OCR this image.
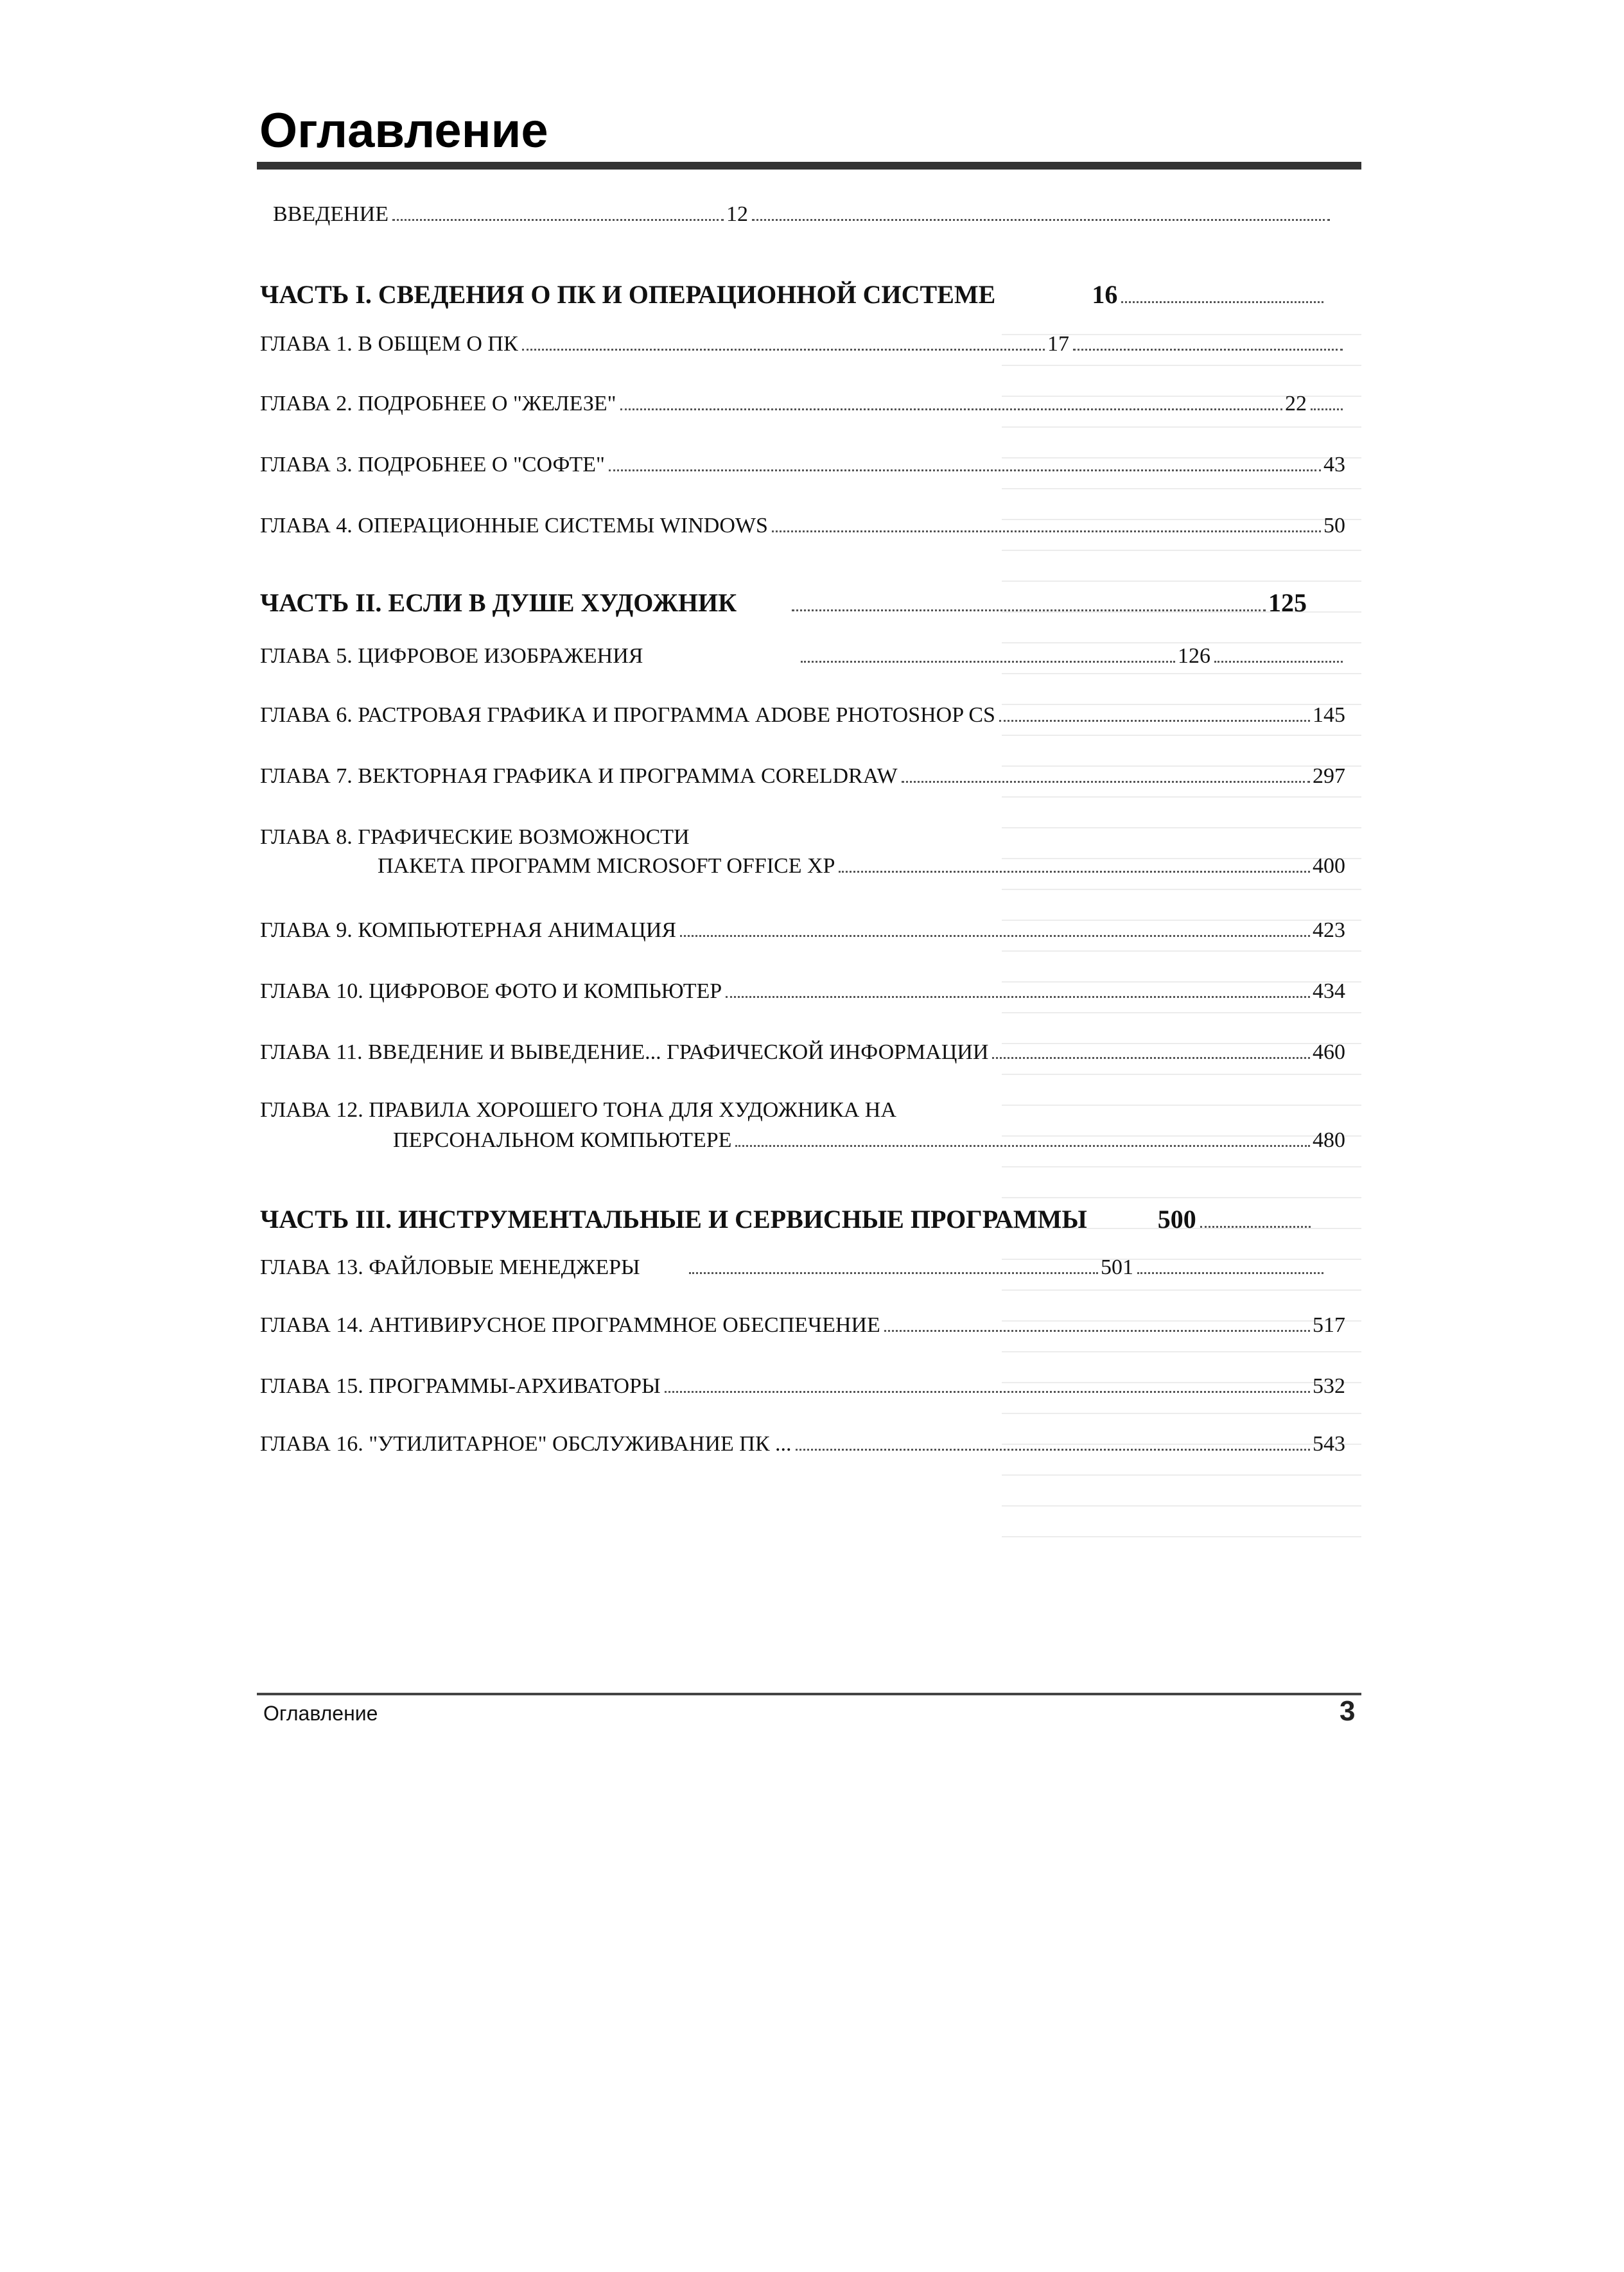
Оглавление
ВВЕДЕНИЕ	12
ЧАСТЬ I. СВЕДЕНИЯ О ПК И ОПЕРАЦИОННОЙ СИСТЕМЕ	16
ГЛАВА 1. В ОБЩЕМ О ПК	17
ГЛАВА 2. ПОДРОБНЕЕ О "ЖЕЛЕЗЕ"	22
ГЛАВА 3. ПОДРОБНЕЕ О "СОФТЕ"	43
ГЛАВА 4. ОПЕРАЦИОННЫЕ СИСТЕМЫ WINDOWS	50
ЧАСТЬ II. ЕСЛИ В ДУШЕ ХУДОЖНИК	125
ГЛАВА 5. ЦИФРОВОЕ ИЗОБРАЖЕНИЯ	126
ГЛАВА 6. РАСТРОВАЯ ГРАФИКА И ПРОГРАММА ADOBE PHOTOSHOP CS	145
ГЛАВА 7. ВЕКТОРНАЯ ГРАФИКА И ПРОГРАММА CORELDRAW	297
ГЛАВА 8. ГРАФИЧЕСКИЕ ВОЗМОЖНОСТИ
ПАКЕТА ПРОГРАММ MICROSOFT OFFICE XP	400
ГЛАВА 9. КОМПЬЮТЕРНАЯ АНИМАЦИЯ	423
ГЛАВА 10. ЦИФРОВОЕ ФОТО И КОМПЬЮТЕР	434
ГЛАВА 11. ВВЕДЕНИЕ И ВЫВЕДЕНИЕ... ГРАФИЧЕСКОЙ ИНФОРМАЦИИ	460
ГЛАВА 12. ПРАВИЛА ХОРОШЕГО ТОНА ДЛЯ ХУДОЖНИКА НА
ПЕРСОНАЛЬНОМ КОМПЬЮТЕРЕ	480
ЧАСТЬ III. ИНСТРУМЕНТАЛЬНЫЕ И СЕРВИСНЫЕ ПРОГРАММЫ	500
ГЛАВА 13. ФАЙЛОВЫЕ МЕНЕДЖЕРЫ	501
ГЛАВА 14. АНТИВИРУСНОЕ ПРОГРАММНОЕ ОБЕСПЕЧЕНИЕ	517
ГЛАВА 15. ПРОГРАММЫ-АРХИВАТОРЫ	532
ГЛАВА 16. "УТИЛИТАРНОЕ" ОБСЛУЖИВАНИЕ ПК ...	543
Оглавление	3
